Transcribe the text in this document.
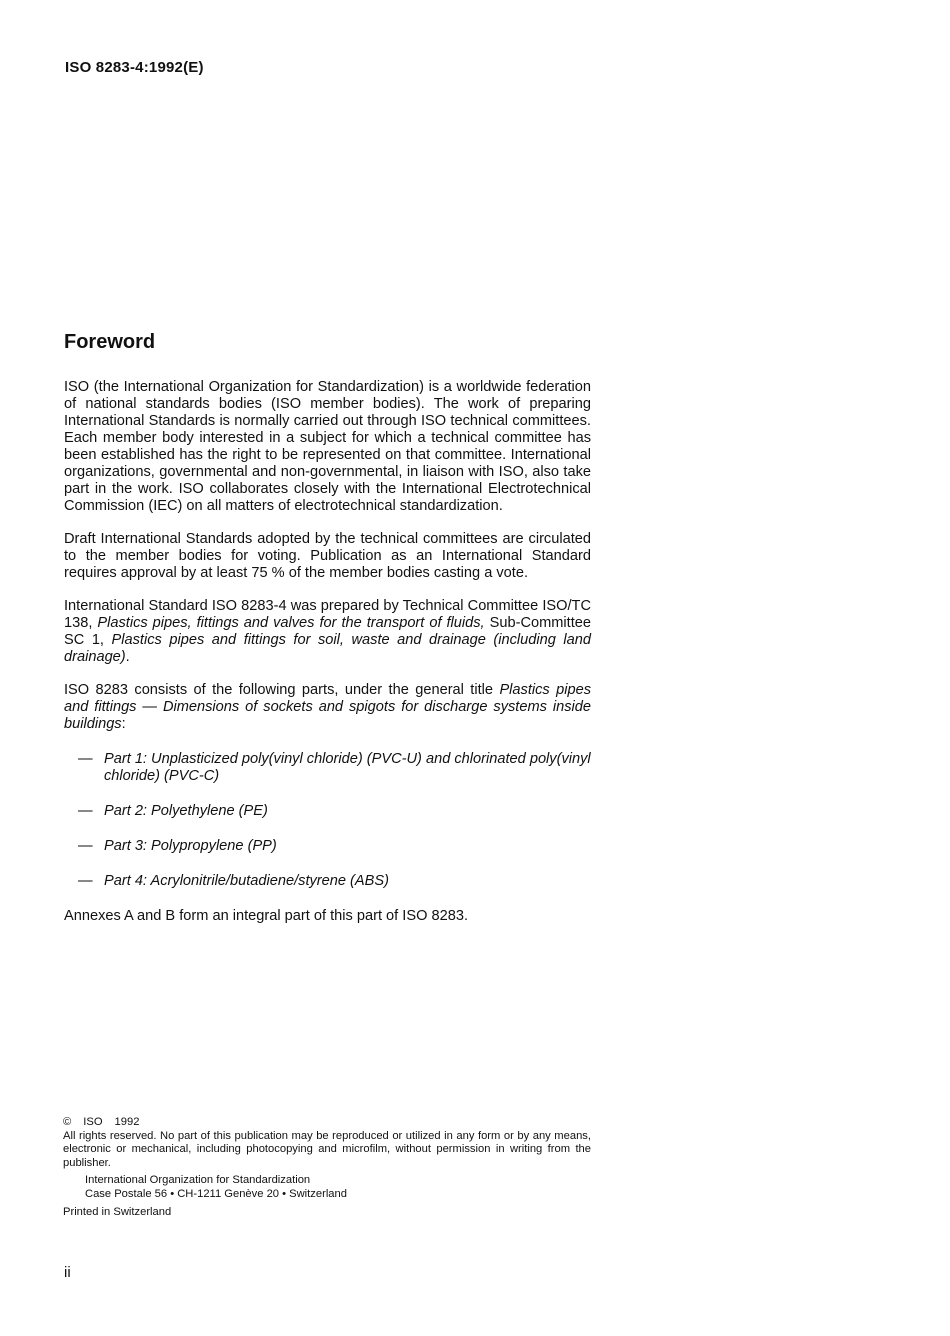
ISO 8283-4:1992(E)
Foreword

ISO (the International Organization for Standardization) is a worldwide federation of national standards bodies (ISO member bodies). The work of preparing International Standards is normally carried out through ISO technical committees. Each member body interested in a subject for which a technical committee has been established has the right to be represented on that committee. International organizations, governmental and non-governmental, in liaison with ISO, also take part in the work. ISO collaborates closely with the International Electrotechnical Commission (IEC) on all matters of electrotechnical standardization.

Draft International Standards adopted by the technical committees are circulated to the member bodies for voting. Publication as an International Standard requires approval by at least 75 % of the member bodies casting a vote.

International Standard ISO 8283-4 was prepared by Technical Committee ISO/TC 138, Plastics pipes, fittings and valves for the transport of fluids, Sub-Committee SC 1, Plastics pipes and fittings for soil, waste and drainage (including land drainage).

ISO 8283 consists of the following parts, under the general title Plastics pipes and fittings — Dimensions of sockets and spigots for discharge systems inside buildings:

— Part 1: Unplasticized poly(vinyl chloride) (PVC-U) and chlorinated poly(vinyl chloride) (PVC-C)
— Part 2: Polyethylene (PE)
— Part 3: Polypropylene (PP)
— Part 4: Acrylonitrile/butadiene/styrene (ABS)

Annexes A and B form an integral part of this part of ISO 8283.

© ISO 1992
All rights reserved. No part of this publication may be reproduced or utilized in any form or by any means, electronic or mechanical, including photocopying and microfilm, without permission in writing from the publisher.
International Organization for Standardization
Case Postale 56 • CH-1211 Genève 20 • Switzerland
Printed in Switzerland
ii
